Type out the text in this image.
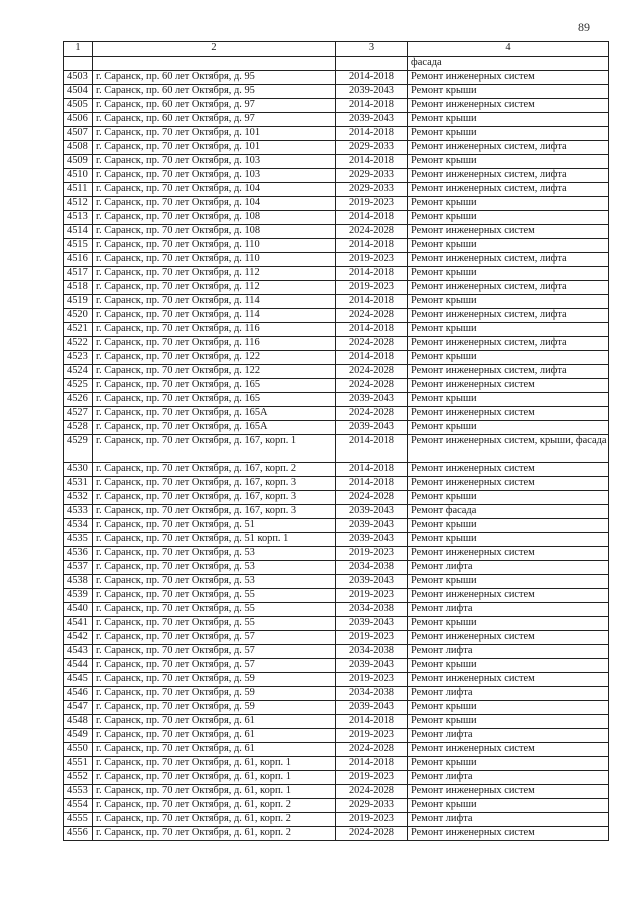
89
1	2	3	4
			фасада
4503	г. Саранск, пр. 60 лет Октября, д. 95	2014-2018	Ремонт инженерных систем
4504	г. Саранск, пр. 60 лет Октября, д. 95	2039-2043	Ремонт крыши
4505	г. Саранск, пр. 60 лет Октября, д. 97	2014-2018	Ремонт инженерных систем
4506	г. Саранск, пр. 60 лет Октября, д. 97	2039-2043	Ремонт крыши
4507	г. Саранск, пр. 70 лет Октября, д. 101	2014-2018	Ремонт крыши
4508	г. Саранск, пр. 70 лет Октября, д. 101	2029-2033	Ремонт инженерных систем, лифта
4509	г. Саранск, пр. 70 лет Октября, д. 103	2014-2018	Ремонт крыши
4510	г. Саранск, пр. 70 лет Октября, д. 103	2029-2033	Ремонт инженерных систем, лифта
4511	г. Саранск, пр. 70 лет Октября, д. 104	2029-2033	Ремонт инженерных систем, лифта
4512	г. Саранск, пр. 70 лет Октября, д. 104	2019-2023	Ремонт крыши
4513	г. Саранск, пр. 70 лет Октября, д. 108	2014-2018	Ремонт крыши
4514	г. Саранск, пр. 70 лет Октября, д. 108	2024-2028	Ремонт инженерных систем
4515	г. Саранск, пр. 70 лет Октября, д. 110	2014-2018	Ремонт крыши
4516	г. Саранск, пр. 70 лет Октября, д. 110	2019-2023	Ремонт инженерных систем, лифта
4517	г. Саранск, пр. 70 лет Октября, д. 112	2014-2018	Ремонт крыши
4518	г. Саранск, пр. 70 лет Октября, д. 112	2019-2023	Ремонт инженерных систем, лифта
4519	г. Саранск, пр. 70 лет Октября, д. 114	2014-2018	Ремонт крыши
4520	г. Саранск, пр. 70 лет Октября, д. 114	2024-2028	Ремонт инженерных систем, лифта
4521	г. Саранск, пр. 70 лет Октября, д. 116	2014-2018	Ремонт крыши
4522	г. Саранск, пр. 70 лет Октября, д. 116	2024-2028	Ремонт инженерных систем, лифта
4523	г. Саранск, пр. 70 лет Октября, д. 122	2014-2018	Ремонт крыши
4524	г. Саранск, пр. 70 лет Октября, д. 122	2024-2028	Ремонт инженерных систем, лифта
4525	г. Саранск, пр. 70 лет Октября, д. 165	2024-2028	Ремонт инженерных систем
4526	г. Саранск, пр. 70 лет Октября, д. 165	2039-2043	Ремонт крыши
4527	г. Саранск, пр. 70 лет Октября, д. 165А	2024-2028	Ремонт инженерных систем
4528	г. Саранск, пр. 70 лет Октября, д. 165А	2039-2043	Ремонт крыши
4529	г. Саранск, пр. 70 лет Октября, д. 167, корп. 1	2014-2018	Ремонт инженерных систем, крыши, фасада
4530	г. Саранск, пр. 70 лет Октября, д. 167, корп. 2	2014-2018	Ремонт инженерных систем
4531	г. Саранск, пр. 70 лет Октября, д. 167, корп. 3	2014-2018	Ремонт инженерных систем
4532	г. Саранск, пр. 70 лет Октября, д. 167, корп. 3	2024-2028	Ремонт крыши
4533	г. Саранск, пр. 70 лет Октября, д. 167, корп. 3	2039-2043	Ремонт фасада
4534	г. Саранск, пр. 70 лет Октября, д. 51	2039-2043	Ремонт крыши
4535	г. Саранск, пр. 70 лет Октября, д. 51 корп. 1	2039-2043	Ремонт крыши
4536	г. Саранск, пр. 70 лет Октября, д. 53	2019-2023	Ремонт инженерных систем
4537	г. Саранск, пр. 70 лет Октября, д. 53	2034-2038	Ремонт лифта
4538	г. Саранск, пр. 70 лет Октября, д. 53	2039-2043	Ремонт крыши
4539	г. Саранск, пр. 70 лет Октября, д. 55	2019-2023	Ремонт инженерных систем
4540	г. Саранск, пр. 70 лет Октября, д. 55	2034-2038	Ремонт лифта
4541	г. Саранск, пр. 70 лет Октября, д. 55	2039-2043	Ремонт крыши
4542	г. Саранск, пр. 70 лет Октября, д. 57	2019-2023	Ремонт инженерных систем
4543	г. Саранск, пр. 70 лет Октября, д. 57	2034-2038	Ремонт лифта
4544	г. Саранск, пр. 70 лет Октября, д. 57	2039-2043	Ремонт крыши
4545	г. Саранск, пр. 70 лет Октября, д. 59	2019-2023	Ремонт инженерных систем
4546	г. Саранск, пр. 70 лет Октября, д. 59	2034-2038	Ремонт лифта
4547	г. Саранск, пр. 70 лет Октября, д. 59	2039-2043	Ремонт крыши
4548	г. Саранск, пр. 70 лет Октября, д. 61	2014-2018	Ремонт крыши
4549	г. Саранск, пр. 70 лет Октября, д. 61	2019-2023	Ремонт лифта
4550	г. Саранск, пр. 70 лет Октября, д. 61	2024-2028	Ремонт инженерных систем
4551	г. Саранск, пр. 70 лет Октября, д. 61, корп. 1	2014-2018	Ремонт крыши
4552	г. Саранск, пр. 70 лет Октября, д. 61, корп. 1	2019-2023	Ремонт лифта
4553	г. Саранск, пр. 70 лет Октября, д. 61, корп. 1	2024-2028	Ремонт инженерных систем
4554	г. Саранск, пр. 70 лет Октября, д. 61, корп. 2	2029-2033	Ремонт крыши
4555	г. Саранск, пр. 70 лет Октября, д. 61, корп. 2	2019-2023	Ремонт лифта
4556	г. Саранск, пр. 70 лет Октября, д. 61, корп. 2	2024-2028	Ремонт инженерных систем
